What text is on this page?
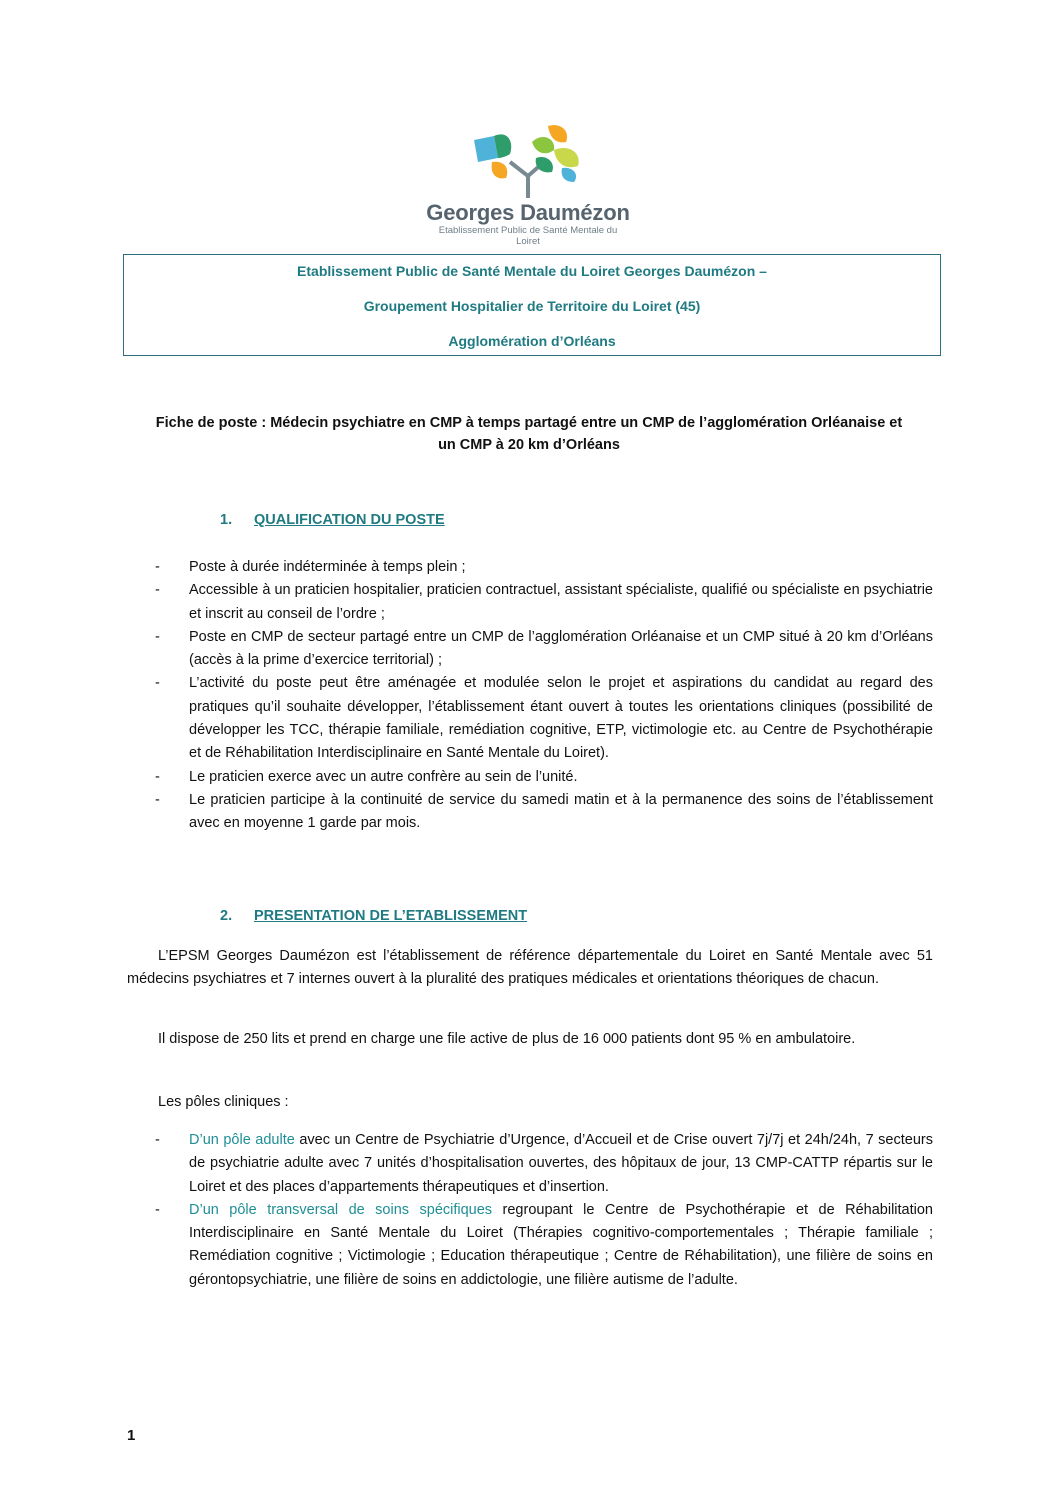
Georges Daumézon
Etablissement Public de Santé Mentale du Loiret
Etablissement Public de Santé Mentale du Loiret Georges Daumézon –
Groupement Hospitalier de Territoire du Loiret (45)
Agglomération d’Orléans
Fiche de poste : Médecin psychiatre en CMP à temps partagé entre un CMP de l’agglomération Orléanaise et
un CMP à 20 km d’Orléans
1. QUALIFICATION DU POSTE
- Poste à durée indéterminée à temps plein ;
- Accessible à un praticien hospitalier, praticien contractuel, assistant spécialiste, qualifié ou spécialiste en psychiatrie et inscrit au conseil de l’ordre ;
- Poste en CMP de secteur partagé entre un CMP de l’agglomération Orléanaise et un CMP situé à 20 km d’Orléans (accès à la prime d’exercice territorial) ;
- L’activité du poste peut être aménagée et modulée selon le projet et aspirations du candidat au regard des pratiques qu’il souhaite développer, l’établissement étant ouvert à toutes les orientations cliniques (possibilité de développer les TCC, thérapie familiale, remédiation cognitive, ETP, victimologie etc. au Centre de Psychothérapie et de Réhabilitation Interdisciplinaire en Santé Mentale du Loiret).
- Le praticien exerce avec un autre confrère au sein de l’unité.
- Le praticien participe à la continuité de service du samedi matin et à la permanence des soins de l’établissement avec en moyenne 1 garde par mois.
2. PRESENTATION DE L’ETABLISSEMENT

L’EPSM Georges Daumézon est l’établissement de référence départementale du Loiret en Santé Mentale avec 51 médecins psychiatres et 7 internes ouvert à la pluralité des pratiques médicales et orientations théoriques de chacun.

Il dispose de 250 lits et prend en charge une file active de plus de 16 000 patients dont 95 % en ambulatoire.

Les pôles cliniques :

- D’un pôle adulte avec un Centre de Psychiatrie d’Urgence, d’Accueil et de Crise ouvert 7j/7j et 24h/24h, 7 secteurs de psychiatrie adulte avec 7 unités d’hospitalisation ouvertes, des hôpitaux de jour, 13 CMP-CATTP répartis sur le Loiret et des places d’appartements thérapeutiques et d’insertion.
- D’un pôle transversal de soins spécifiques regroupant le Centre de Psychothérapie et de Réhabilitation Interdisciplinaire en Santé Mentale du Loiret (Thérapies cognitivo-comportementales ; Thérapie familiale ; Remédiation cognitive ; Victimologie ; Education thérapeutique ; Centre de Réhabilitation), une filière de soins en gérontopsychiatrie, une filière de soins en addictologie, une filière autisme de l’adulte.
1
